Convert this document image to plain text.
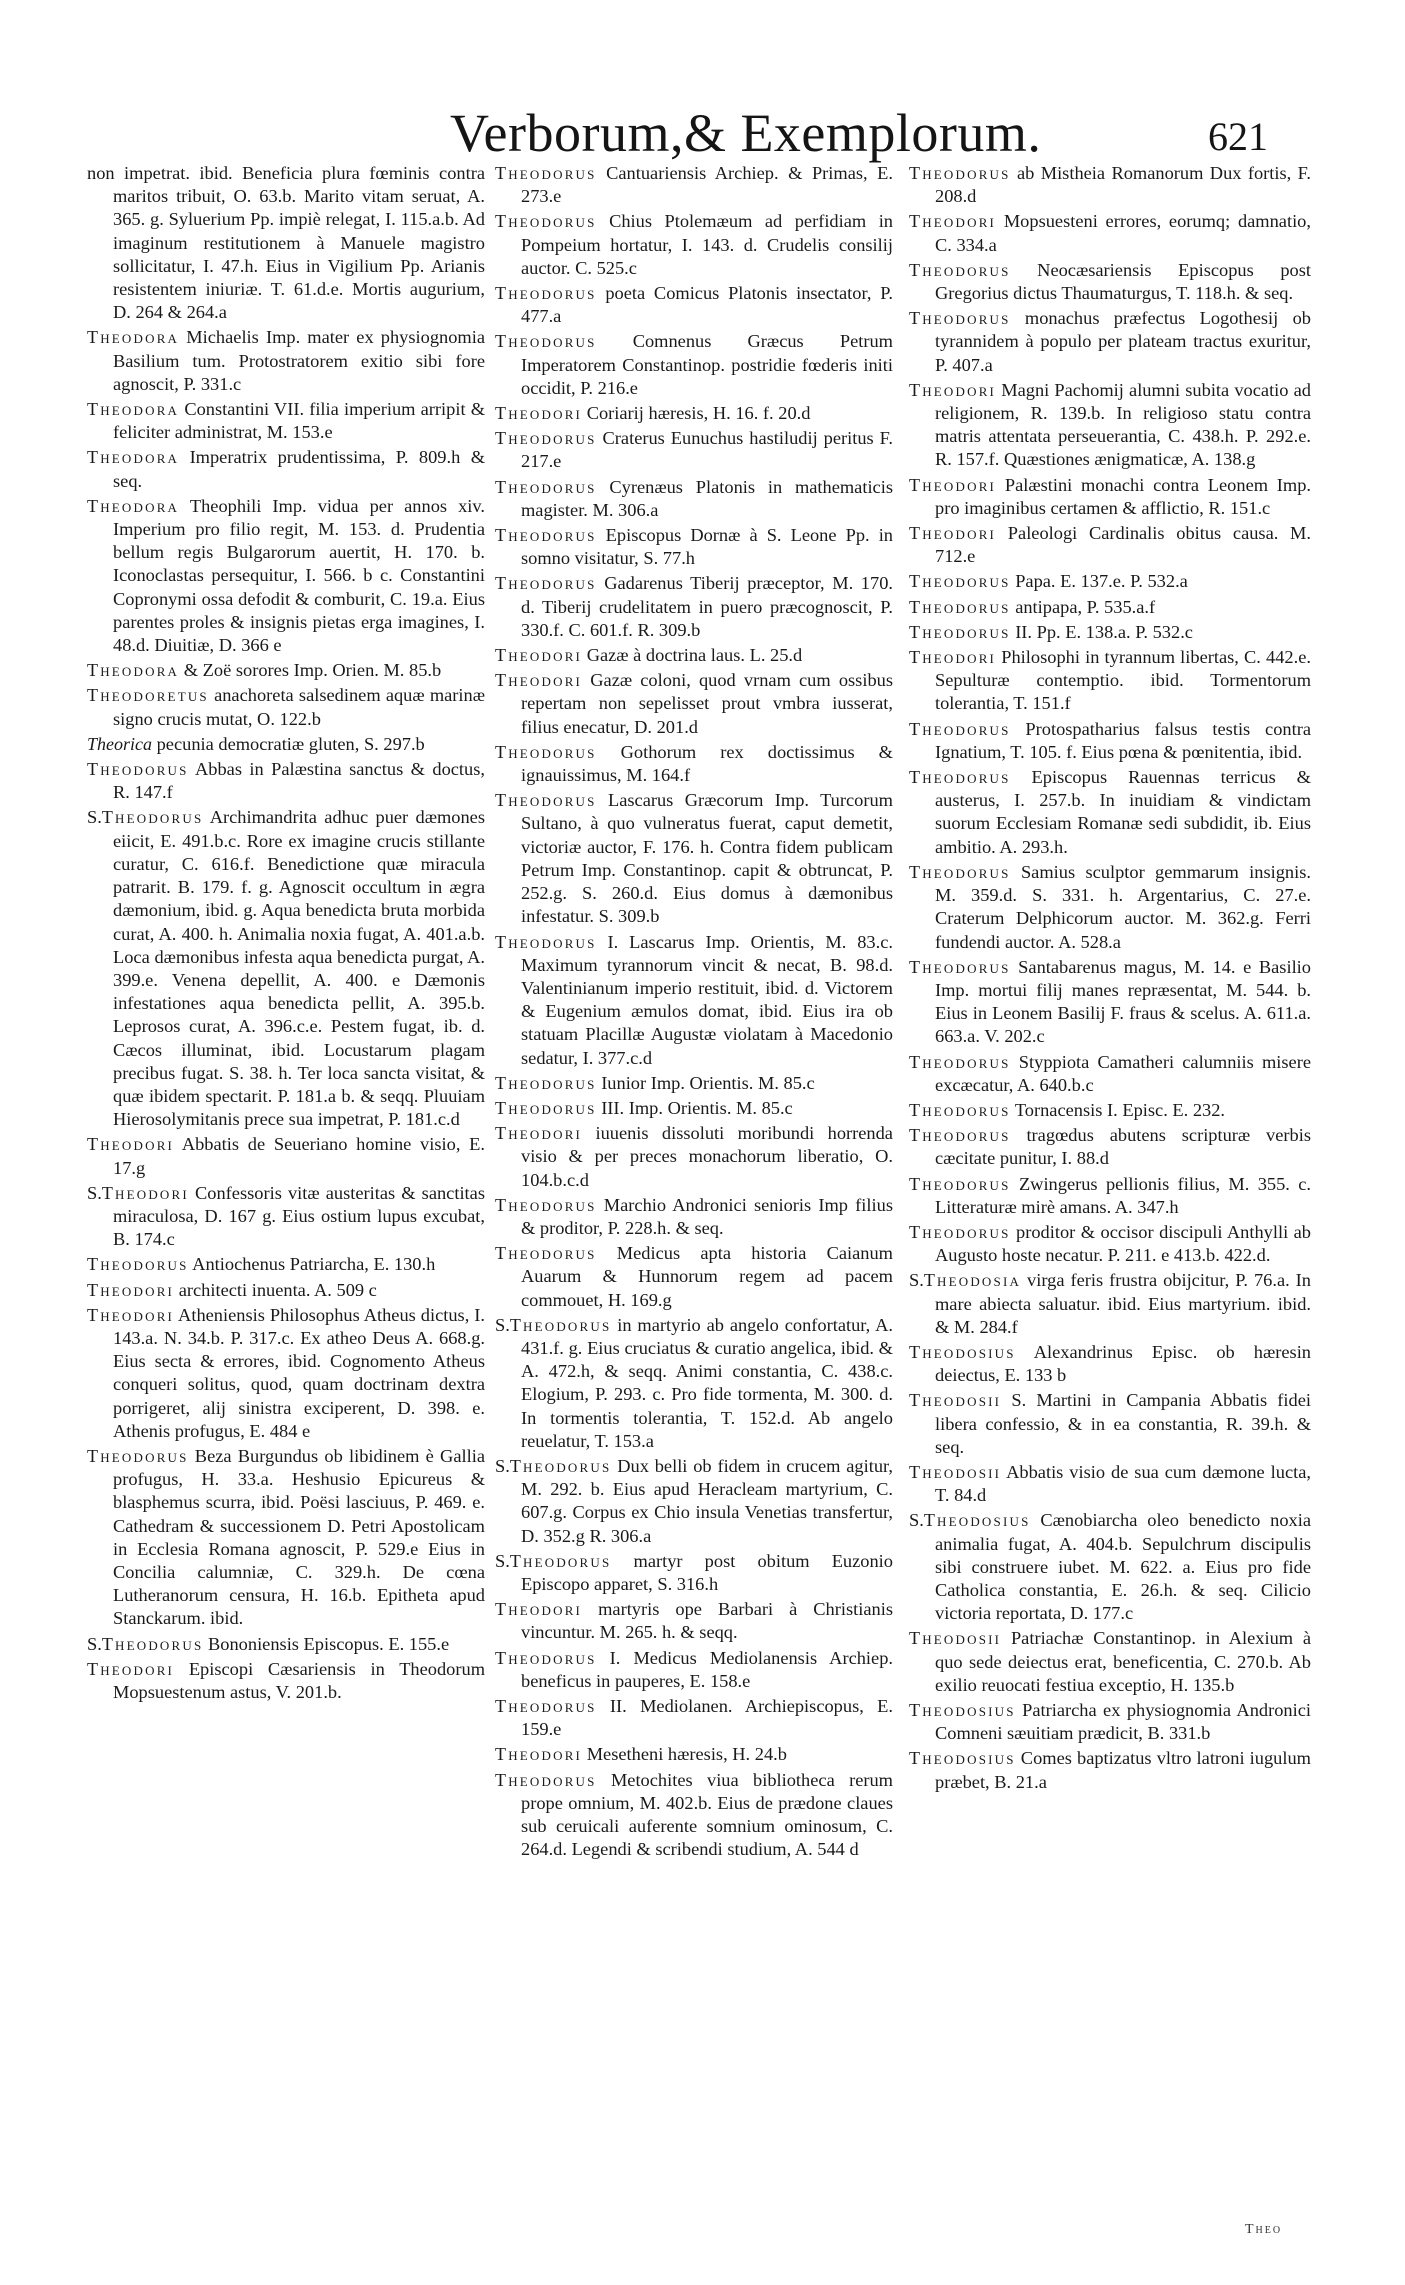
Verborum,& Exemplorum.	621

non impetrat. ibid. Beneficia plura fœminis contra maritos tribuit, O. 63.b. Marito vitam seruat, A. 365. g. Syluerium Pp. impiè relegat, I. 115.a.b. Ad imaginum restitutionem à Manuele magistro sollicitatur, I. 47.h. Eius in Vigilium Pp. Arianis resistentem iniuriæ. T. 61.d.e. Mortis augurium, D. 264 & 264.a

Theodora Michaelis Imp. mater ex physiognomia Basilium tum. Protostratorem exitio sibi fore agnoscit, P. 331.c

Theodora Constantini VII. filia imperium arripit & feliciter administrat, M. 153.e

Theodora Imperatrix prudentissima, P. 809.h & seq.

Theodora Theophili Imp. vidua per annos xiv. Imperium pro filio regit, M. 153. d. Prudentia bellum regis Bulgarorum auertit, H. 170. b. Iconoclastas persequitur, I. 566. b c. Constantini Copronymi ossa defodit & comburit, C. 19.a. Eius parentes proles & insignis pietas erga imagines, I. 48.d. Diuitiæ, D. 366 e

Theodora & Zoë sorores Imp. Orien. M. 85.b

Theodoretus anachoreta salsedinem aquæ marinæ signo crucis mutat, O. 122.b

Theorica pecunia democratiæ gluten, S. 297.b

Theodorus Abbas in Palæstina sanctus & doctus, R. 147.f

S.Theodorus Archimandrita adhuc puer dæmones eiicit, E. 491.b.c. Rore ex imagine crucis stillante curatur, C. 616.f. Benedictione quæ miracula patrarit. B. 179. f. g. Agnoscit occultum in ægra dæmonium, ibid. g. Aqua benedicta bruta morbida curat, A. 400. h. Animalia noxia fugat, A. 401.a.b. Loca dæmonibus infesta aqua benedicta purgat, A. 399.e. Venena depellit, A. 400. e Dæmonis infestationes aqua benedicta pellit, A. 395.b. Leprosos curat, A. 396.c.e. Pestem fugat, ib. d. Cæcos illuminat, ibid. Locustarum plagam precibus fugat. S. 38. h. Ter loca sancta visitat, & quæ ibidem spectarit. P. 181.a b. & seqq. Pluuiam Hierosolymitanis prece sua impetrat, P. 181.c.d

Theodori Abbatis de Seueriano homine visio, E. 17.g

S.Theodori Confessoris vitæ austeritas & sanctitas miraculosa, D. 167 g. Eius ostium lupus excubat, B. 174.c

Theodorus Antiochenus Patriarcha, E. 130.h

Theodori architecti inuenta. A. 509 c

Theodori Atheniensis Philosophus Atheus dictus, I. 143.a. N. 34.b. P. 317.c. Ex atheo Deus A. 668.g. Eius secta & errores, ibid. Cognomento Atheus conqueri solitus, quod, quam doctrinam dextra porrigeret, alij sinistra exciperent, D. 398. e. Athenis profugus, E. 484 e

Theodorus Beza Burgundus ob libidinem è Gallia profugus, H. 33.a. Heshusio Epicureus & blasphemus scurra, ibid. Poësi lasciuus, P. 469. e. Cathedram & successionem D. Petri Apostolicam in Ecclesia Romana agnoscit, P. 529.e Eius in Concilia calumniæ, C. 329.h. De cœna Lutheranorum censura, H. 16.b. Epitheta apud Stanckarum. ibid.

S.Theodorus Bononiensis Episcopus. E. 155.e

Theodori Episcopi Cæsariensis in Theodorum Mopsuestenum astus, V. 201.b.

Theodorus Cantuariensis Archiep. & Primas, E. 273.e

Theodorus Chius Ptolemæum ad perfidiam in Pompeium hortatur, I. 143. d. Crudelis consilij auctor. C. 525.c

Theodorus poeta Comicus Platonis insectator, P. 477.a

Theodorus Comnenus Græcus Petrum Imperatorem Constantinop. postridie fœderis initi occidit, P. 216.e

Theodori Coriarij hæresis, H. 16. f. 20.d

Theodorus Craterus Eunuchus hastiludij peritus F. 217.e

Theodorus Cyrenæus Platonis in mathematicis magister. M. 306.a

Theodorus Episcopus Dornæ à S. Leone Pp. in somno visitatur, S. 77.h

Theodorus Gadarenus Tiberij præceptor, M. 170. d. Tiberij crudelitatem in puero præcognoscit, P. 330.f. C. 601.f. R. 309.b

Theodori Gazæ à doctrina laus. L. 25.d

Theodori Gazæ coloni, quod vrnam cum ossibus repertam non sepelisset prout vmbra iusserat, filius enecatur, D. 201.d

Theodorus Gothorum rex doctissimus & ignauissimus, M. 164.f

Theodorus Lascarus Græcorum Imp. Turcorum Sultano, à quo vulneratus fuerat, caput demetit, victoriæ auctor, F. 176. h. Contra fidem publicam Petrum Imp. Constantinop. capit & obtruncat, P. 252.g. S. 260.d. Eius domus à dæmonibus infestatur. S. 309.b

Theodorus I. Lascarus Imp. Orientis, M. 83.c. Maximum tyrannorum vincit & necat, B. 98.d. Valentinianum imperio restituit, ibid. d. Victorem & Eugenium æmulos domat, ibid. Eius ira ob statuam Placillæ Augustæ violatam à Macedonio sedatur, I. 377.c.d

Theodorus Iunior Imp. Orientis. M. 85.c

Theodorus III. Imp. Orientis. M. 85.c

Theodori iuuenis dissoluti moribundi horrenda visio & per preces monachorum liberatio, O. 104.b.c.d

Theodorus Marchio Andronici senioris Imp filius & proditor, P. 228.h. & seq.

Theodorus Medicus apta historia Caianum Auarum & Hunnorum regem ad pacem commouet, H. 169.g

S.Theodorus in martyrio ab angelo confortatur, A. 431.f. g. Eius cruciatus & curatio angelica, ibid. & A. 472.h, & seqq. Animi constantia, C. 438.c. Elogium, P. 293. c. Pro fide tormenta, M. 300. d. In tormentis tolerantia, T. 152.d. Ab angelo reuelatur, T. 153.a

S.Theodorus Dux belli ob fidem in crucem agitur, M. 292. b. Eius apud Heracleam martyrium, C. 607.g. Corpus ex Chio insula Venetias transfertur, D. 352.g R. 306.a

S.Theodorus martyr post obitum Euzonio Episcopo apparet, S. 316.h

Theodori martyris ope Barbari à Christianis vincuntur. M. 265. h. & seqq.

Theodorus I. Medicus Mediolanensis Archiep. beneficus in pauperes, E. 158.e

Theodorus II. Mediolanen. Archiepiscopus, E. 159.e

Theodori Mesetheni hæresis, H. 24.b

Theodorus Metochites viua bibliotheca rerum prope omnium, M. 402.b. Eius de prædone claues sub ceruicali auferente somnium ominosum, C. 264.d. Legendi & scribendi studium, A. 544 d

Theodorus ab Mistheia Romanorum Dux fortis, F. 208.d

Theodori Mopsuesteni errores, eorumq; damnatio, C. 334.a

Theodorus Neocæsariensis Episcopus post Gregorius dictus Thaumaturgus, T. 118.h. & seq.

Theodorus monachus præfectus Logothesij ob tyrannidem à populo per plateam tractus exuritur, P. 407.a

Theodori Magni Pachomij alumni subita vocatio ad religionem, R. 139.b. In religioso statu contra matris attentata perseuerantia, C. 438.h. P. 292.e. R. 157.f. Quæstiones ænigmaticæ, A. 138.g

Theodori Palæstini monachi contra Leonem Imp. pro imaginibus certamen & afflictio, R. 151.c

Theodori Paleologi Cardinalis obitus causa. M. 712.e

Theodorus Papa. E. 137.e. P. 532.a

Theodorus antipapa, P. 535.a.f

Theodorus II. Pp. E. 138.a. P. 532.c

Theodori Philosophi in tyrannum libertas, C. 442.e. Sepulturæ contemptio. ibid. Tormentorum tolerantia, T. 151.f

Theodorus Protospatharius falsus testis contra Ignatium, T. 105. f. Eius pœna & pœnitentia, ibid.

Theodorus Episcopus Rauennas terricus & austerus, I. 257.b. In inuidiam & vindictam suorum Ecclesiam Romanæ sedi subdidit, ib. Eius ambitio. A. 293.h.

Theodorus Samius sculptor gemmarum insignis. M. 359.d. S. 331. h. Argentarius, C. 27.e. Craterum Delphicorum auctor. M. 362.g. Ferri fundendi auctor. A. 528.a

Theodorus Santabarenus magus, M. 14. e Basilio Imp. mortui filij manes repræsentat, M. 544. b. Eius in Leonem Basilij F. fraus & scelus. A. 611.a. 663.a. V. 202.c

Theodorus Styppiota Camatheri calumniis misere excæcatur, A. 640.b.c

Theodorus Tornacensis I. Episc. E. 232.

Theodorus tragœdus abutens scripturæ verbis cæcitate punitur, I. 88.d

Theodorus Zwingerus pellionis filius, M. 355. c. Litteraturæ mirè amans. A. 347.h

Theodorus proditor & occisor discipuli Anthylli ab Augusto hoste necatur. P. 211. e 413.b. 422.d.

S.Theodosia virga feris frustra obijcitur, P. 76.a. In mare abiecta saluatur. ibid. Eius martyrium. ibid. & M. 284.f

Theodosius Alexandrinus Episc. ob hæresin deiectus, E. 133 b

Theodosii S. Martini in Campania Abbatis fidei libera confessio, & in ea constantia, R. 39.h. & seq.

Theodosii Abbatis visio de sua cum dæmone lucta, T. 84.d

S.Theodosius Cænobiarcha oleo benedicto noxia animalia fugat, A. 404.b. Sepulchrum discipulis sibi construere iubet. M. 622. a. Eius pro fide Catholica constantia, E. 26.h. & seq. Cilicio victoria reportata, D. 177.c

Theodosii Patriachæ Constantinop. in Alexium à quo sede deiectus erat, beneficentia, C. 270.b. Ab exilio reuocati festiua exceptio, H. 135.b

Theodosius Patriarcha ex physiognomia Andronici Comneni sæuitiam prædicit, B. 331.b

Theodosius Comes baptizatus vltro latroni iugulum præbet, B. 21.a

Theo
